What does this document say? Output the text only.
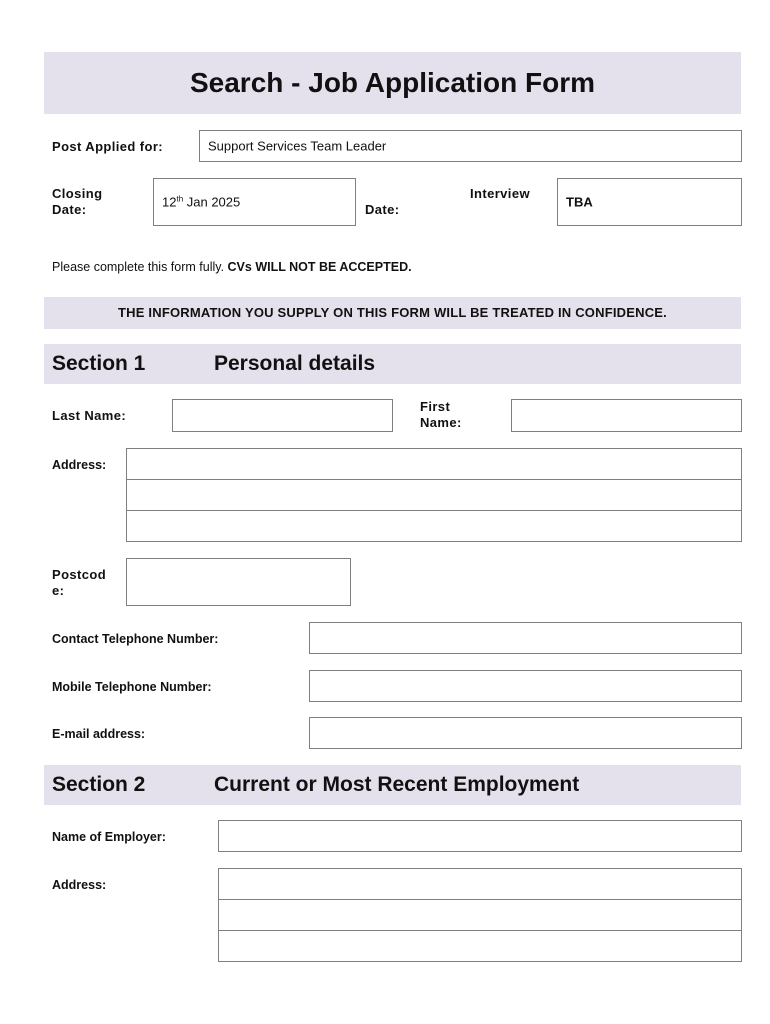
Search - Job Application Form
Post Applied for:	Support Services Team Leader
Closing
Date:	12th Jan 2025
Interview
Date:	TBA
Please complete this form fully. CVs WILL NOT BE ACCEPTED.
THE INFORMATION YOU SUPPLY ON THIS FORM WILL BE TREATED IN CONFIDENCE.
Section 1	Personal details
Last Name:
First
Name:
Address:
Postcod
e:
Contact Telephone Number:
Mobile Telephone Number:
E-mail address:
Section 2	Current or Most Recent Employment
Name of Employer:
Address:
